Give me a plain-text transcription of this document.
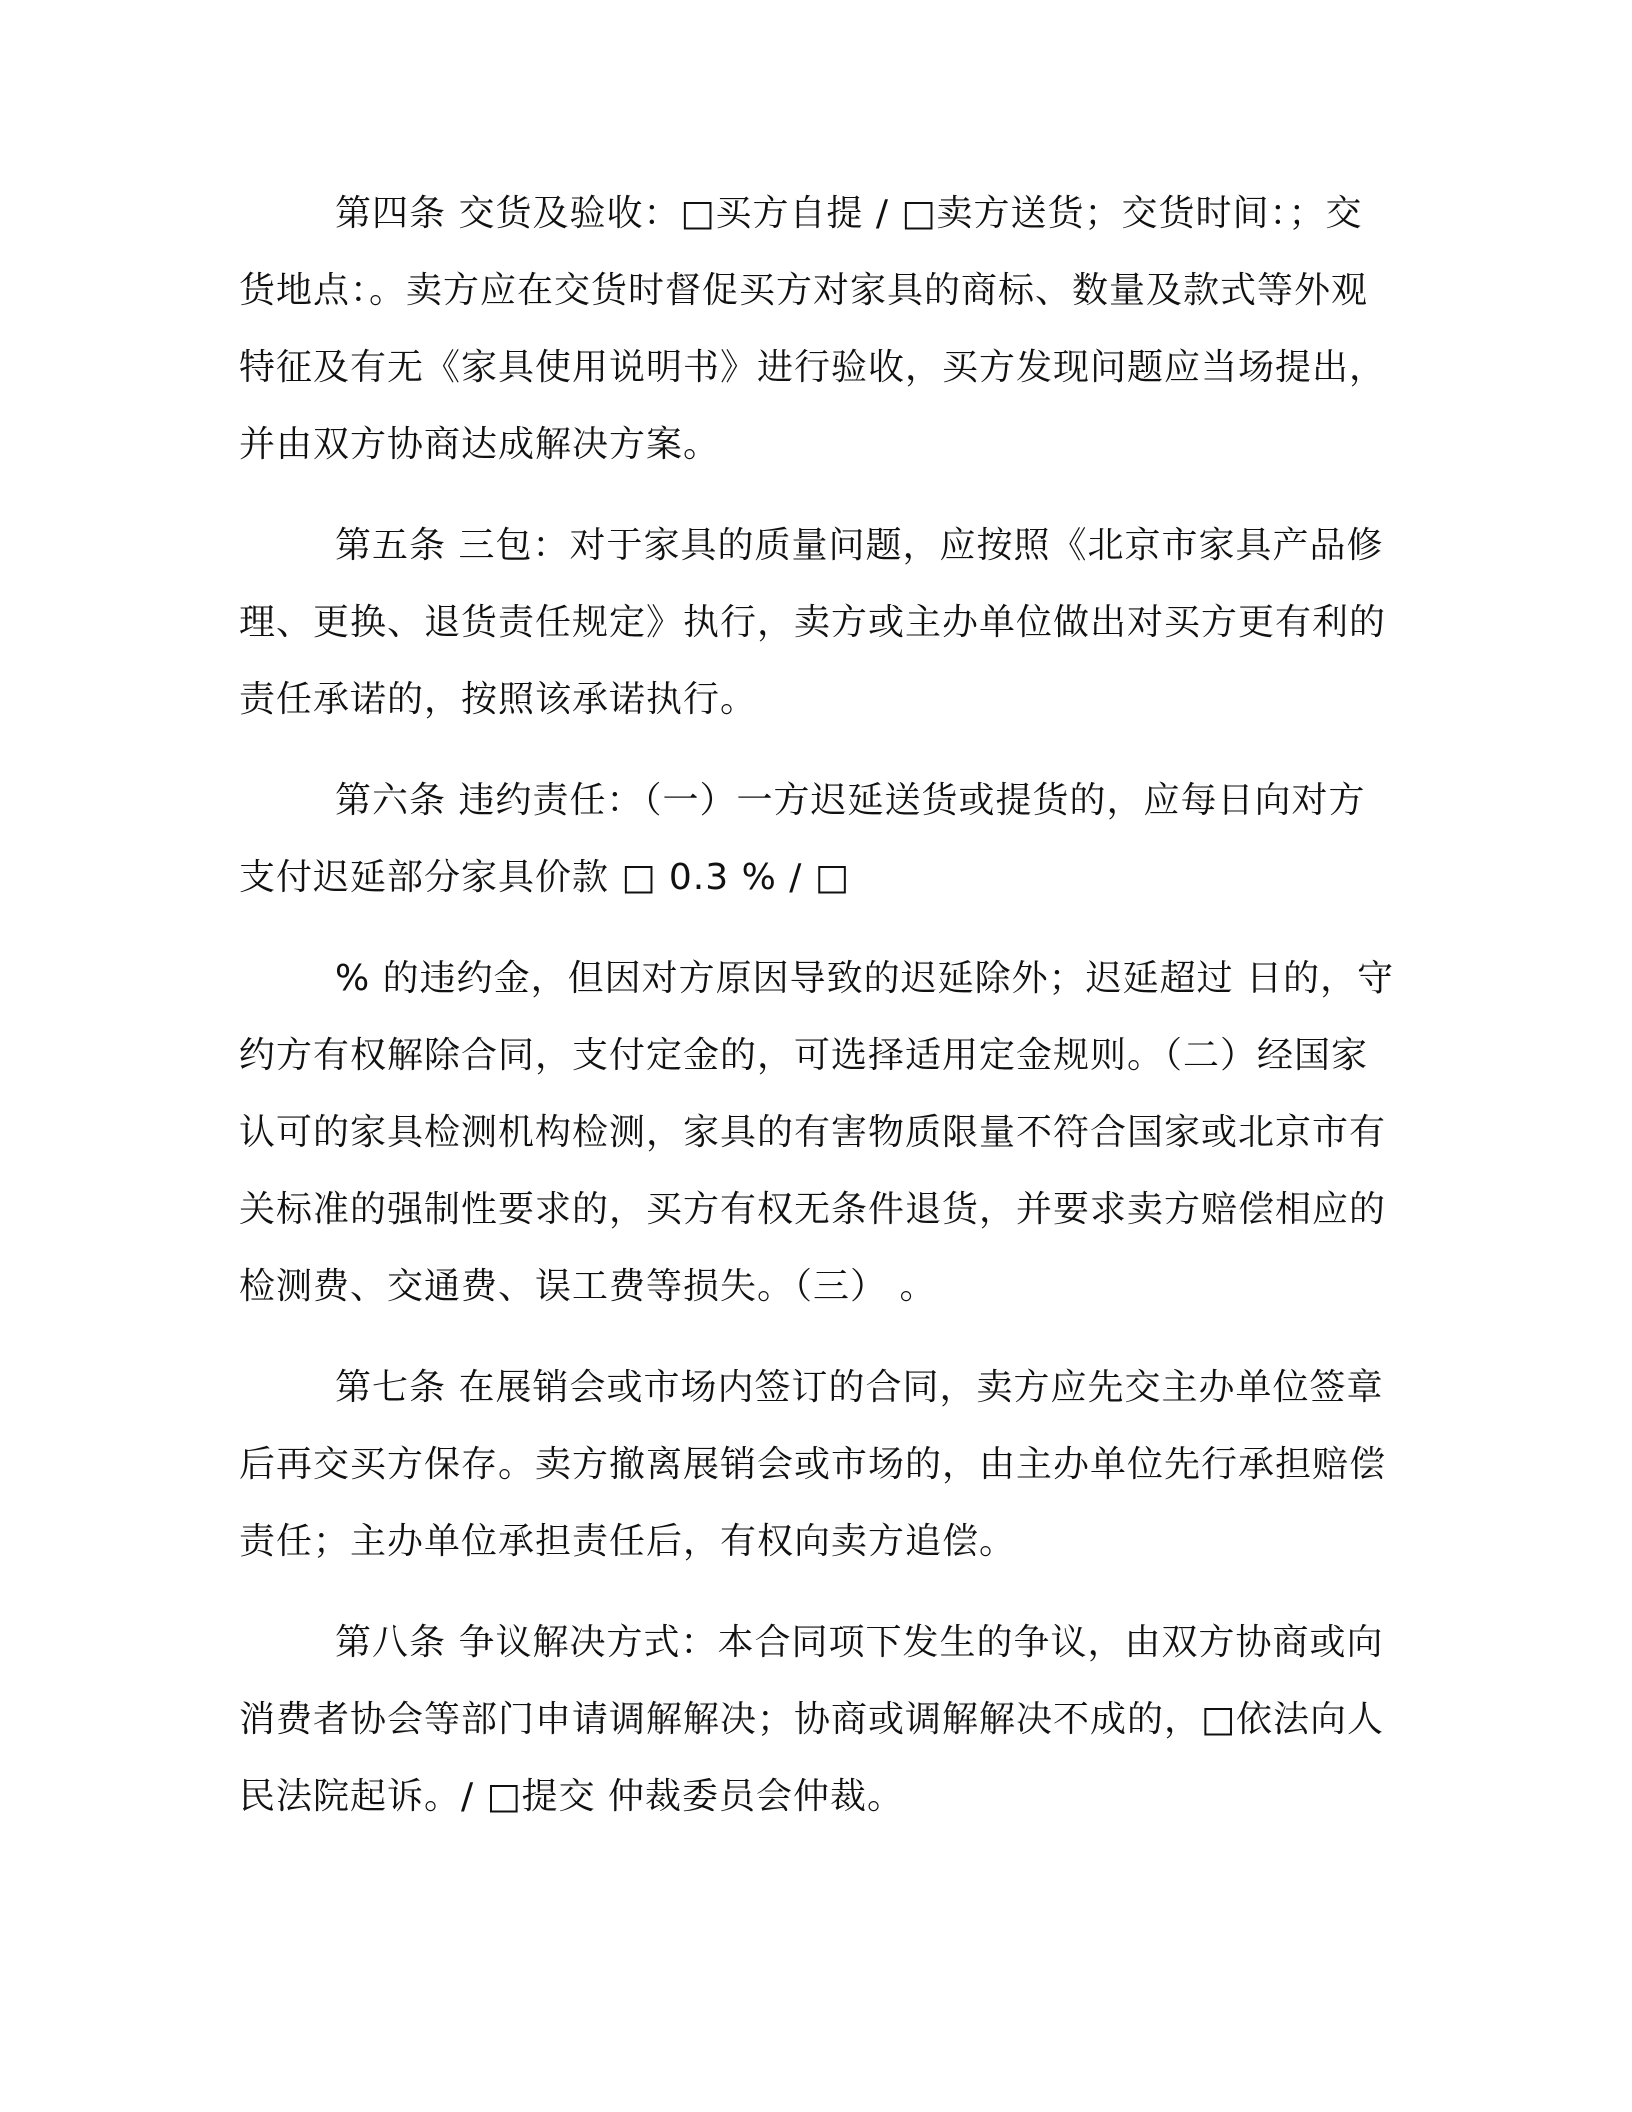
第四条 交货及验收：□买方自提 / □卖方送货；交货时间：；交货地点：。卖方应在交货时督促买方对家具的商标、数量及款式等外观特征及有无《家具使用说明书》进行验收，买方发现问题应当场提出，并由双方协商达成解决方案。

第五条 三包：对于家具的质量问题，应按照《北京市家具产品修理、更换、退货责任规定》执行，卖方或主办单位做出对买方更有利的责任承诺的，按照该承诺执行。

第六条 违约责任：（一）一方迟延送货或提货的，应每日向对方支付迟延部分家具价款 □ 0.3 % / □

% 的违约金，但因对方原因导致的迟延除外；迟延超过 日的，守约方有权解除合同，支付定金的，可选择适用定金规则。（二）经国家认可的家具检测机构检测，家具的有害物质限量不符合国家或北京市有关标准的强制性要求的，买方有权无条件退货，并要求卖方赔偿相应的检测费、交通费、误工费等损失。（三） 。

第七条 在展销会或市场内签订的合同，卖方应先交主办单位签章后再交买方保存。卖方撤离展销会或市场的，由主办单位先行承担赔偿责任；主办单位承担责任后，有权向卖方追偿。

第八条 争议解决方式：本合同项下发生的争议，由双方协商或向消费者协会等部门申请调解解决；协商或调解解决不成的，□依法向人民法院起诉。/ □提交 仲裁委员会仲裁。
